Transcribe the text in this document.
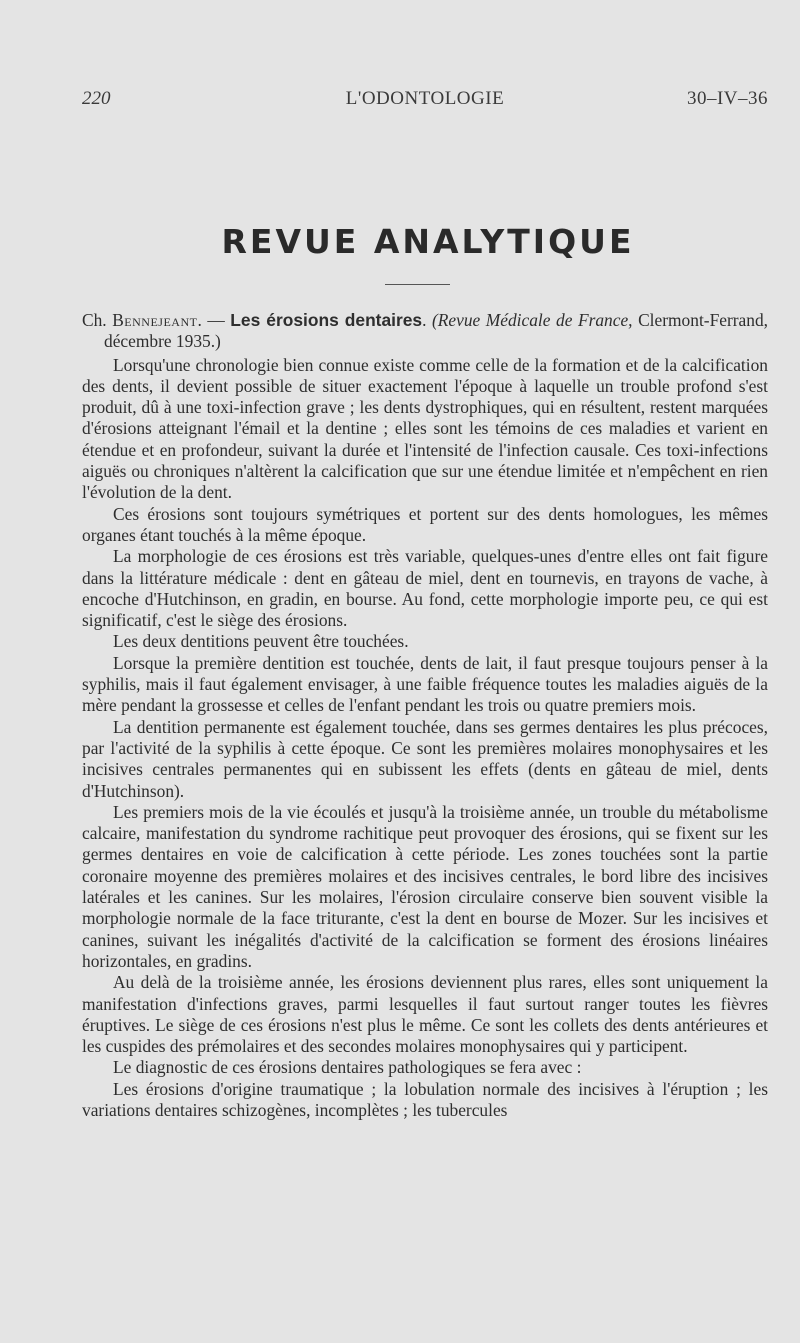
220	L'ODONTOLOGIE	30–IV–36
REVUE ANALYTIQUE
Ch. Bennejeant. — Les érosions dentaires. (Revue Médicale de France, Clermont-Ferrand, décembre 1935.)

Lorsqu'une chronologie bien connue existe comme celle de la formation et de la calcification des dents, il devient possible de situer exactement l'époque à laquelle un trouble profond s'est produit, dû à une toxi-infection grave ; les dents dystrophiques, qui en résultent, restent marquées d'érosions atteignant l'émail et la dentine ; elles sont les témoins de ces maladies et varient en étendue et en profondeur, suivant la durée et l'intensité de l'infection causale. Ces toxi-infections aiguës ou chroniques n'altèrent la calcification que sur une étendue limitée et n'empêchent en rien l'évolution de la dent.

Ces érosions sont toujours symétriques et portent sur des dents homologues, les mêmes organes étant touchés à la même époque.

La morphologie de ces érosions est très variable, quelques-unes d'entre elles ont fait figure dans la littérature médicale : dent en gâteau de miel, dent en tournevis, en trayons de vache, à encoche d'Hutchinson, en gradin, en bourse. Au fond, cette morphologie importe peu, ce qui est significatif, c'est le siège des érosions.

Les deux dentitions peuvent être touchées.

Lorsque la première dentition est touchée, dents de lait, il faut presque toujours penser à la syphilis, mais il faut également envisager, à une faible fréquence toutes les maladies aiguës de la mère pendant la grossesse et celles de l'enfant pendant les trois ou quatre premiers mois.

La dentition permanente est également touchée, dans ses germes dentaires les plus précoces, par l'activité de la syphilis à cette époque. Ce sont les premières molaires monophysaires et les incisives centrales permanentes qui en subissent les effets (dents en gâteau de miel, dents d'Hutchinson).

Les premiers mois de la vie écoulés et jusqu'à la troisième année, un trouble du métabolisme calcaire, manifestation du syndrome rachitique peut provoquer des érosions, qui se fixent sur les germes dentaires en voie de calcification à cette période. Les zones touchées sont la partie coronaire moyenne des premières molaires et des incisives centrales, le bord libre des incisives latérales et les canines. Sur les molaires, l'érosion circulaire conserve bien souvent visible la morphologie normale de la face triturante, c'est la dent en bourse de Mozer. Sur les incisives et canines, suivant les inégalités d'activité de la calcification se forment des érosions linéaires horizontales, en gradins.

Au delà de la troisième année, les érosions deviennent plus rares, elles sont uniquement la manifestation d'infections graves, parmi lesquelles il faut surtout ranger toutes les fièvres éruptives. Le siège de ces érosions n'est plus le même. Ce sont les collets des dents antérieures et les cuspides des prémolaires et des secondes molaires monophysaires qui y participent.

Le diagnostic de ces érosions dentaires pathologiques se fera avec :

Les érosions d'origine traumatique ; la lobulation normale des incisives à l'éruption ; les variations dentaires schizogènes, incomplètes ; les tubercules
